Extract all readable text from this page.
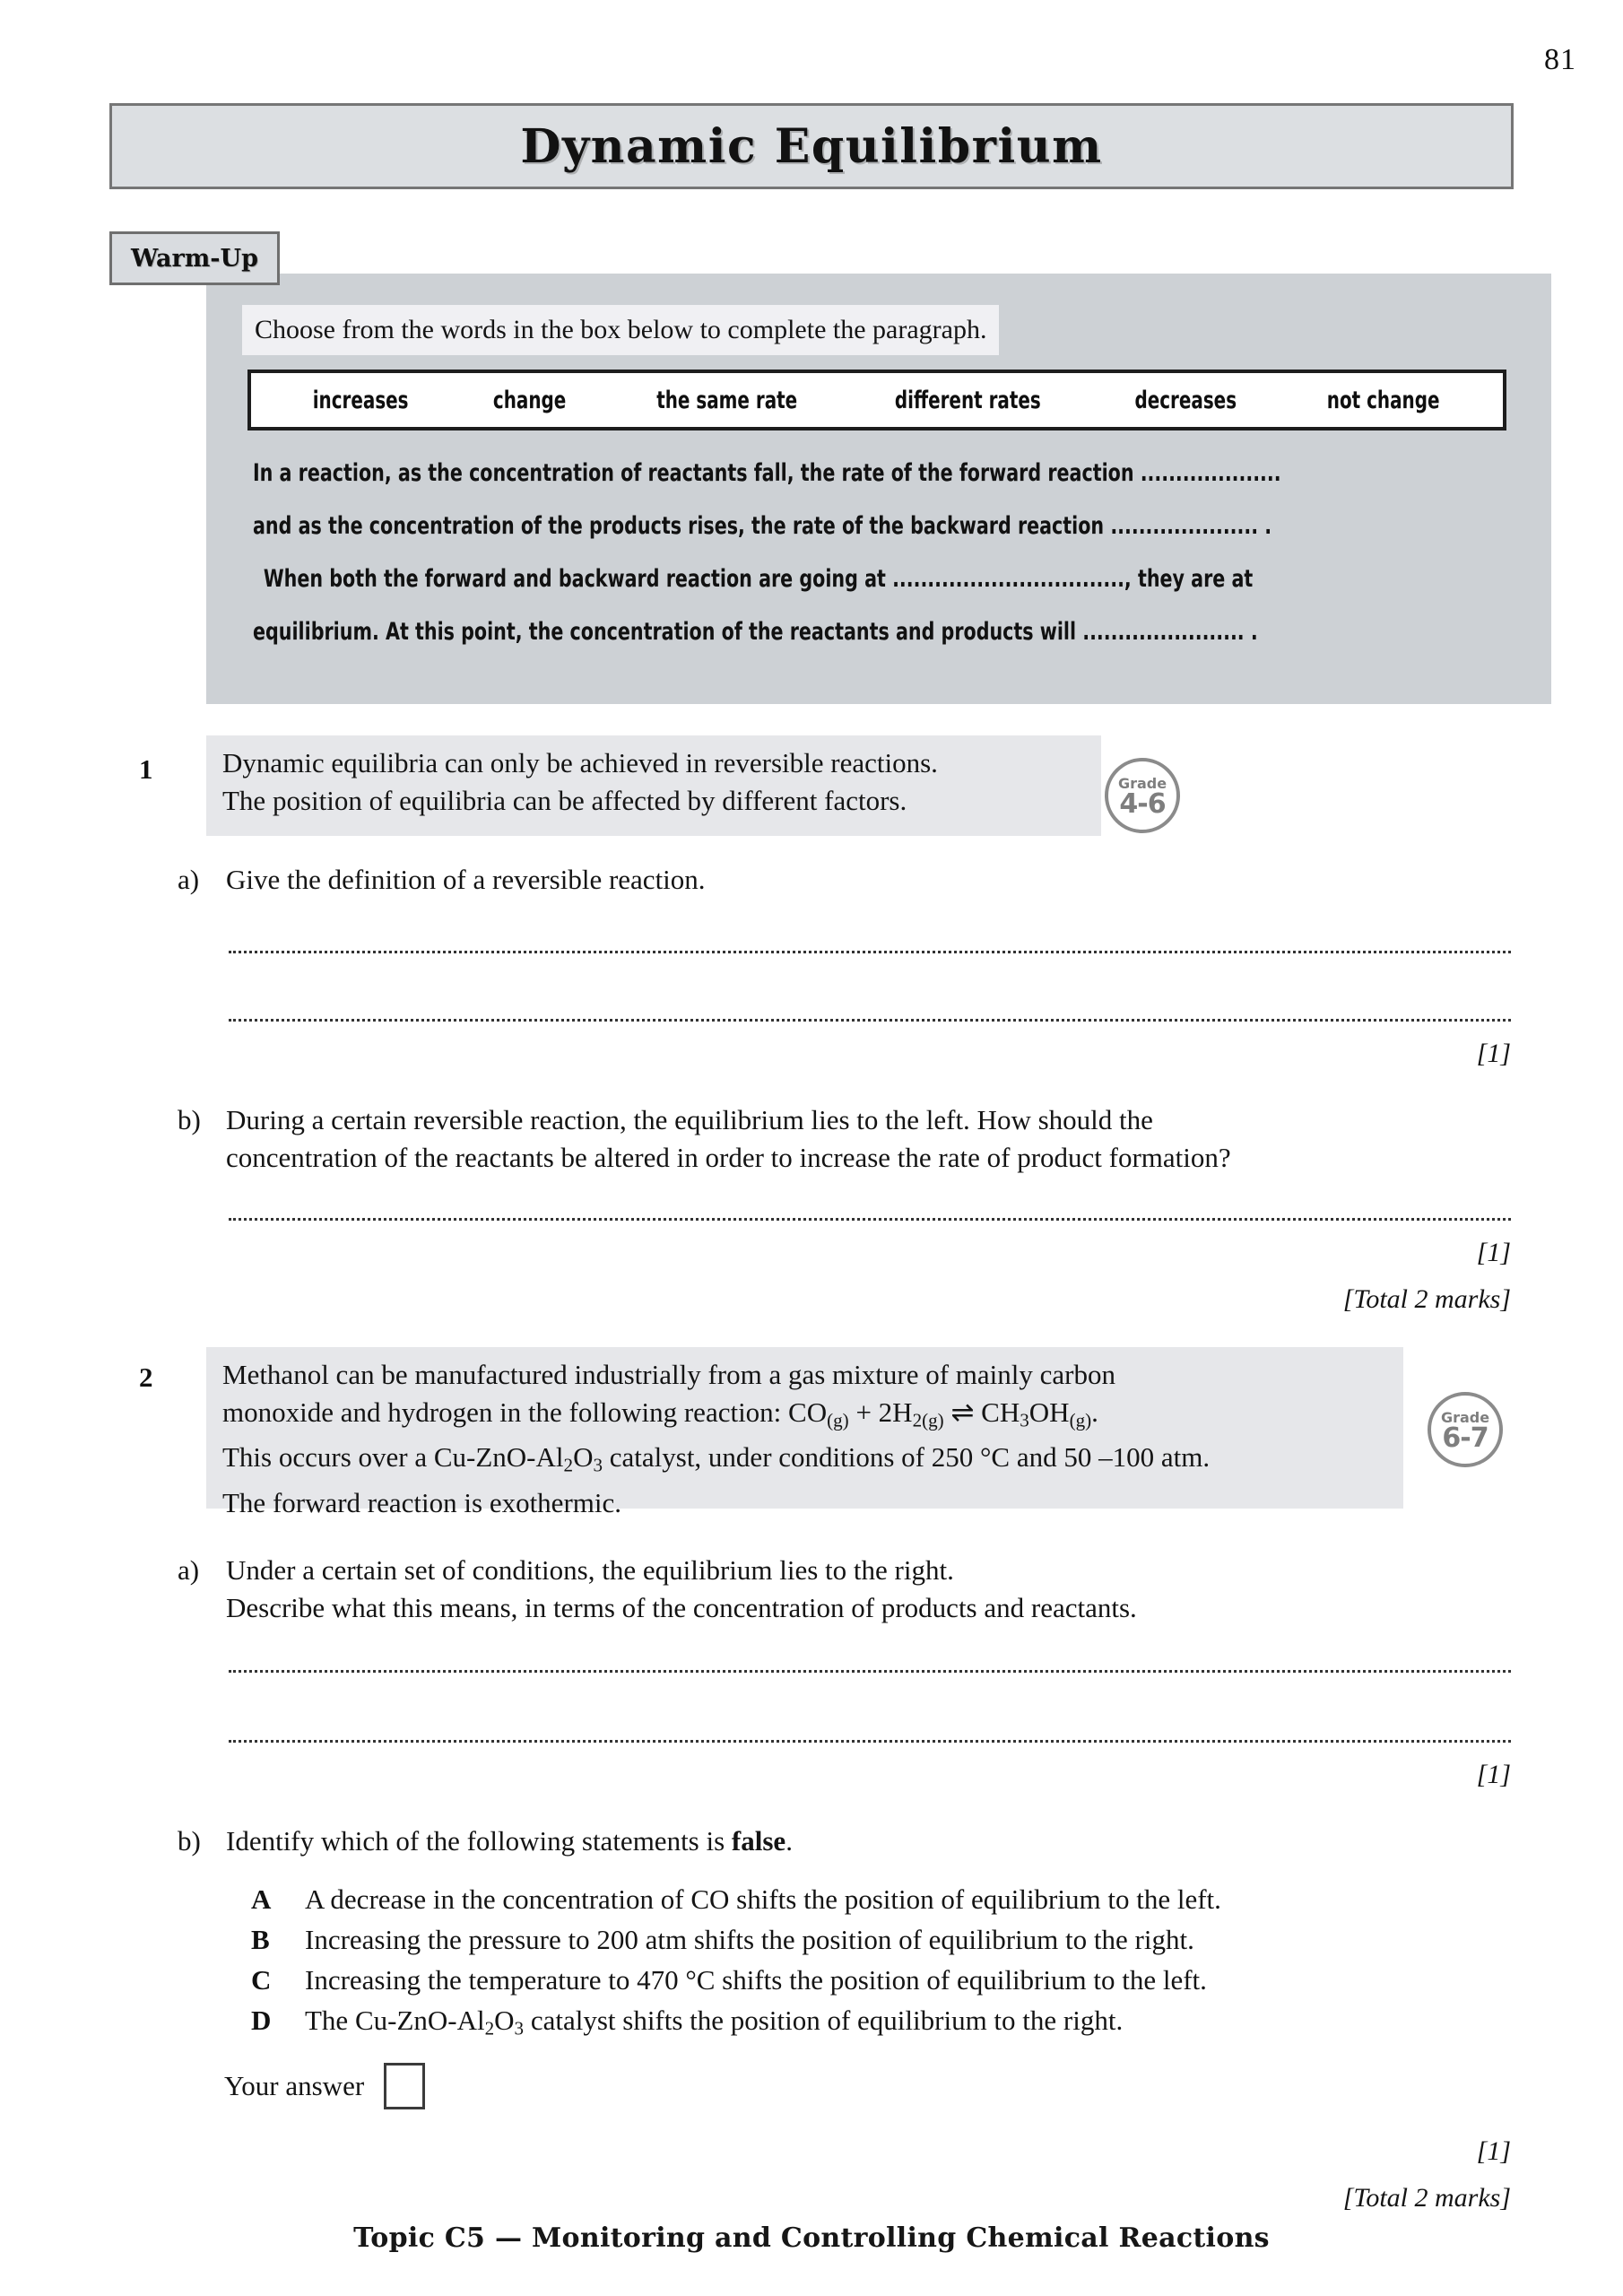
81
Dynamic Equilibrium
Warm-Up
Choose from the words in the box below to complete the paragraph.
increases	change	the same rate	different rates	decreases	not change
In a reaction, as the concentration of reactants fall, the rate of the forward reaction ....................
and as the concentration of the products rises, the rate of the backward reaction ..................... .
When both the forward and backward reaction are going at ................................., they are at
equilibrium. At this point, the concentration of the reactants and products will ....................... .
1	Dynamic equilibria can only be achieved in reversible reactions.
The position of equilibria can be affected by different factors.
Grade
4-6
a) Give the definition of a reversible reaction.
[1]
b) During a certain reversible reaction, the equilibrium lies to the left. How should the
concentration of the reactants be altered in order to increase the rate of product formation?
[1]
[Total 2 marks]
2	Methanol can be manufactured industrially from a gas mixture of mainly carbon
monoxide and hydrogen in the following reaction: $CO_{(g)} + 2H_{2(g)}$ ⇌ $CH_3OH_{(g)}$.
This occurs over a $Cu-ZnO-Al_2O_3$ catalyst, under conditions of 250 °C and 50 –100 atm.
The forward reaction is exothermic.
Grade
6-7
a) Under a certain set of conditions, the equilibrium lies to the right.
Describe what this means, in terms of the concentration of products and reactants.
[1]
b) Identify which of the following statements is false.
A	A decrease in the concentration of CO shifts the position of equilibrium to the left.
B	Increasing the pressure to 200 atm shifts the position of equilibrium to the right.
C	Increasing the temperature to 470 °C shifts the position of equilibrium to the left.
D	The $Cu-ZnO-Al_2O_3$ catalyst shifts the position of equilibrium to the right.
Your answer
[1]
[Total 2 marks]
Topic C5 — Monitoring and Controlling Chemical Reactions
